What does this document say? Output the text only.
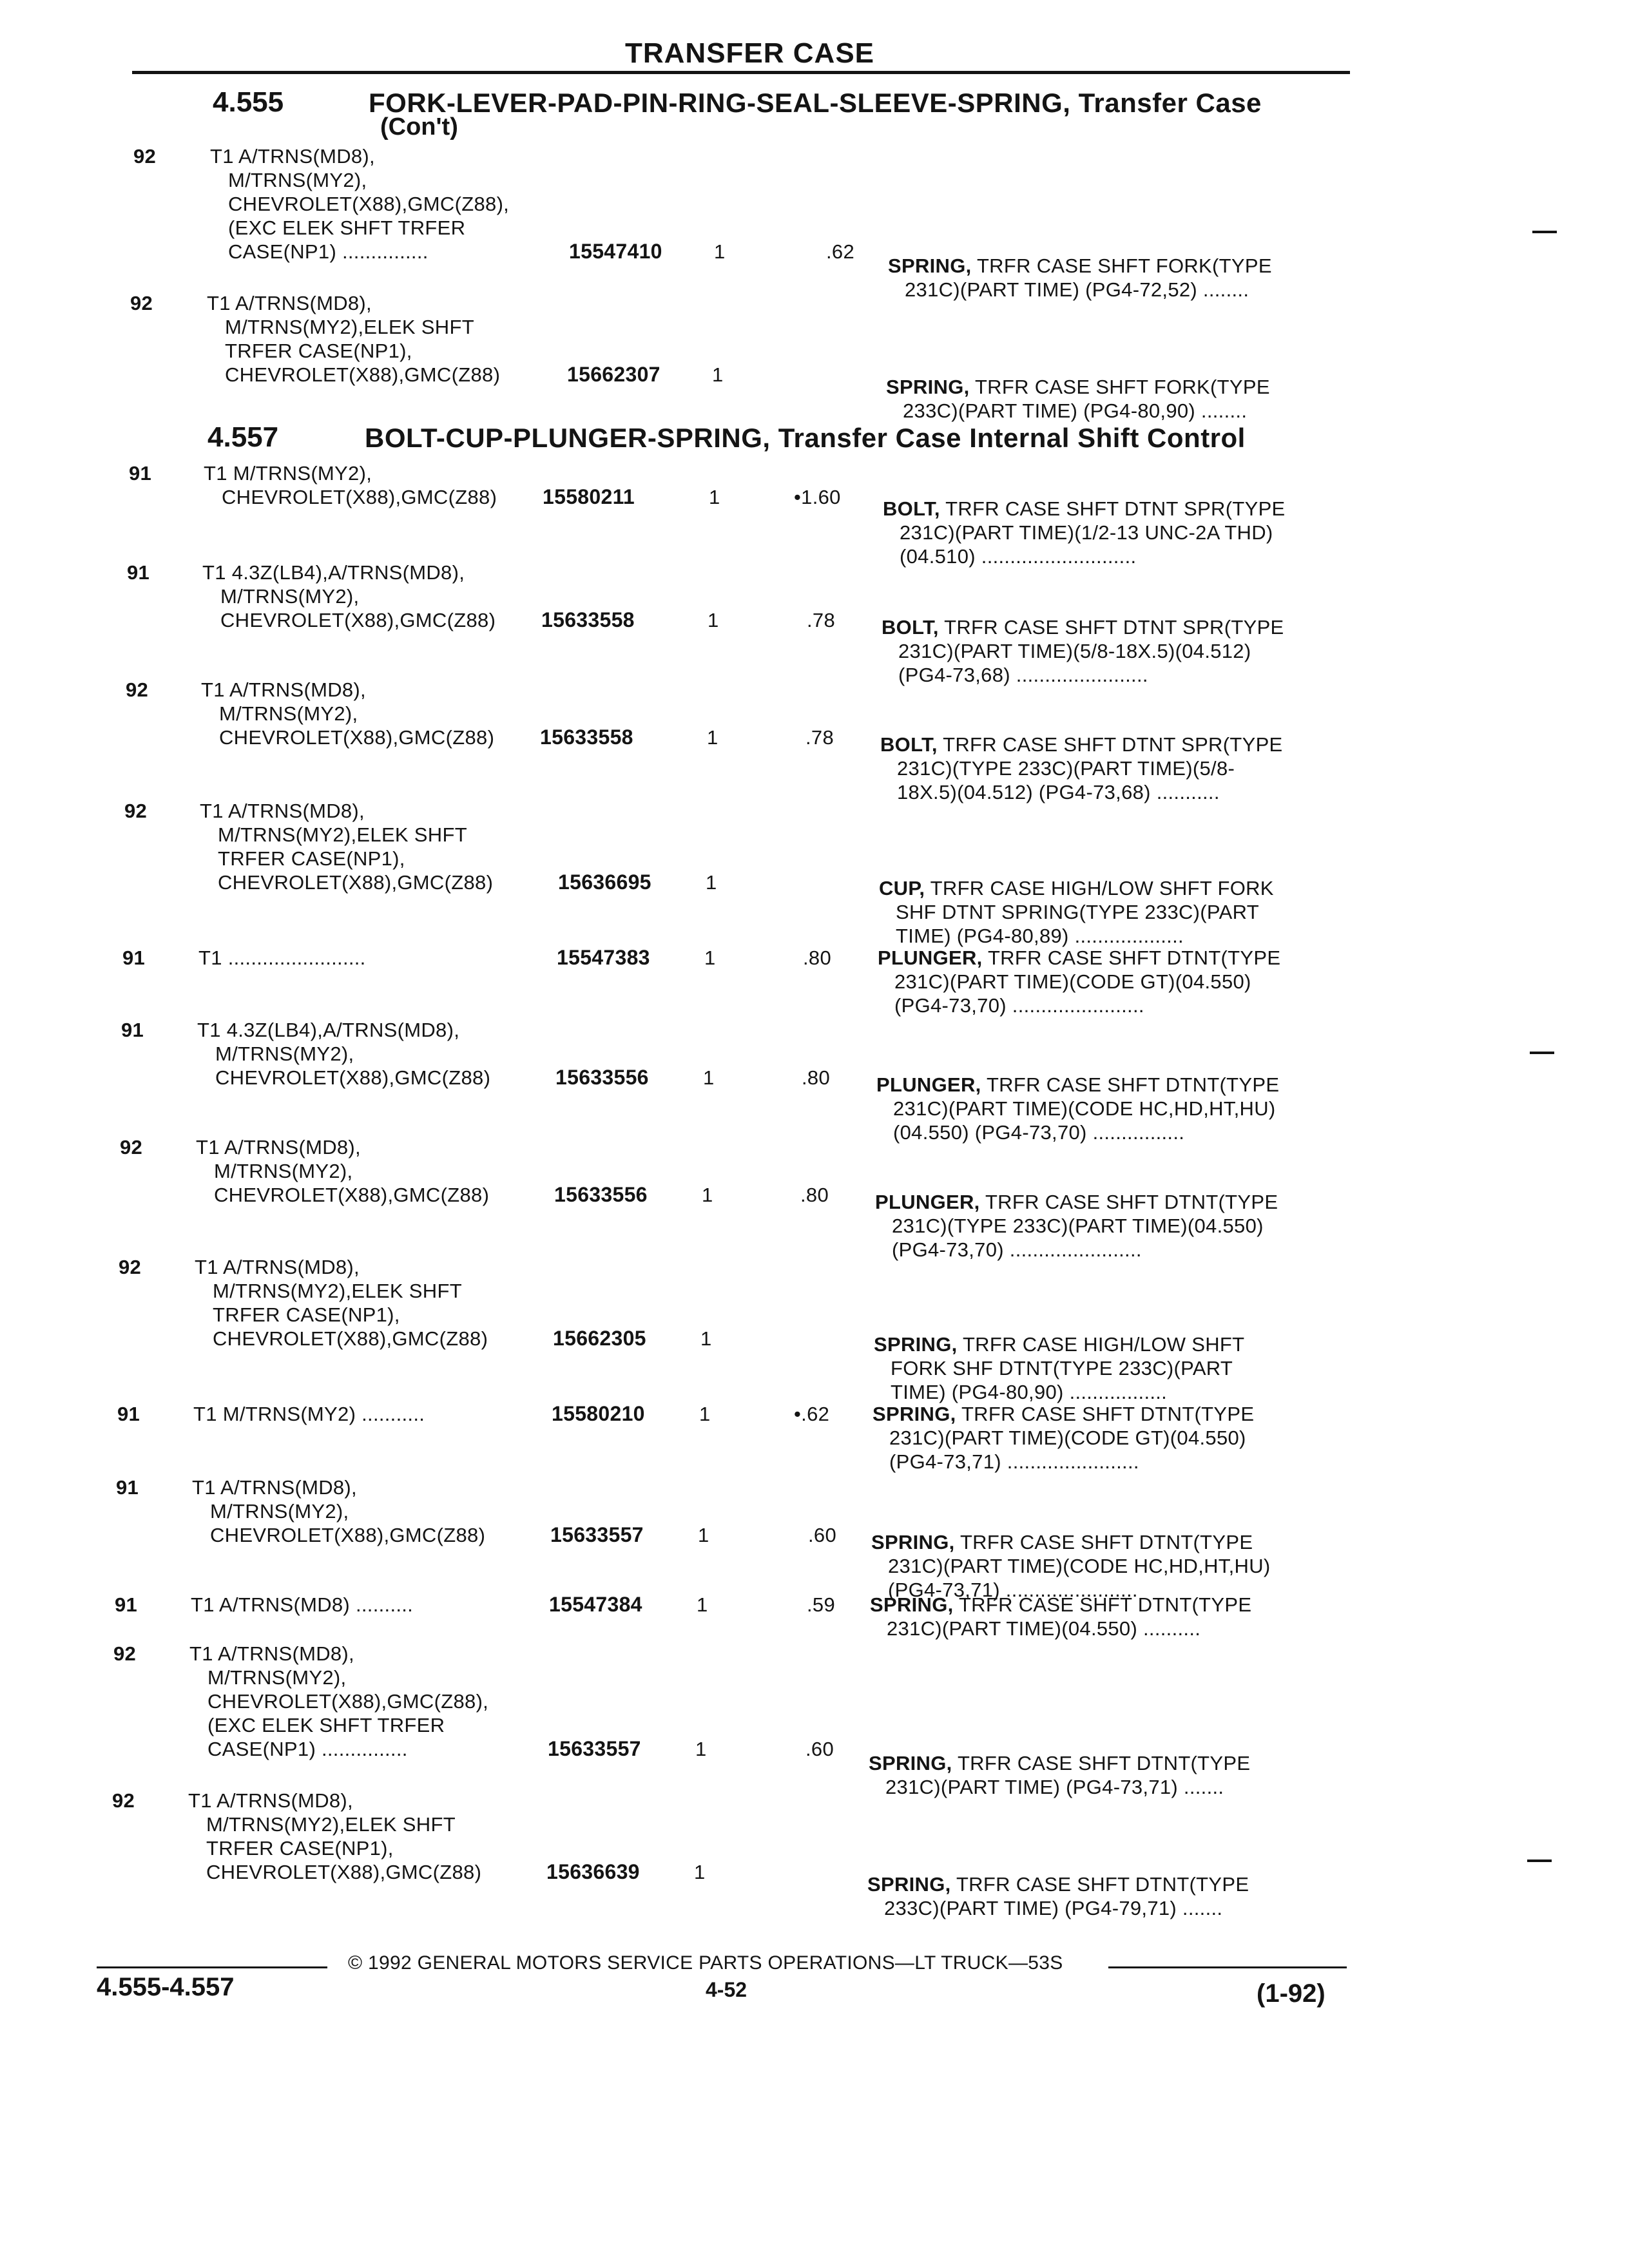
TRANSFER CASE
4.555	FORK-LEVER-PAD-PIN-RING-SEAL-SLEEVE-SPRING, Transfer Case
(Con't)
92	T1 A/TRNS(MD8),
M/TRNS(MY2),
CHEVROLET(X88),GMC(Z88),
(EXC ELEK SHFT TRFER
CASE(NP1) ...............	15547410	1	.62
SPRING, TRFR CASE SHFT FORK(TYPE
231C)(PART TIME) (PG4-72,52) ........
92	T1 A/TRNS(MD8),
M/TRNS(MY2),ELEK SHFT
TRFER CASE(NP1),
CHEVROLET(X88),GMC(Z88)	15662307	1
SPRING, TRFR CASE SHFT FORK(TYPE
233C)(PART TIME) (PG4-80,90) ........
4.557	BOLT-CUP-PLUNGER-SPRING, Transfer Case Internal Shift Control
91	T1 M/TRNS(MY2),
CHEVROLET(X88),GMC(Z88) 15580211	1	•1.60
BOLT, TRFR CASE SHFT DTNT SPR(TYPE
231C)(PART TIME)(1/2-13 UNC-2A THD)
(04.510) ...........................
91	T1 4.3Z(LB4),A/TRNS(MD8),
M/TRNS(MY2),
CHEVROLET(X88),GMC(Z88) 15633558	1	.78 BOLT, TRFR CASE SHFT DTNT SPR(TYPE
231C)(PART TIME)(5/8-18X.5)(04.512)
(PG4-73,68) .......................
92	T1 A/TRNS(MD8),
M/TRNS(MY2),
CHEVROLET(X88),GMC(Z88) 15633558	1	.78 BOLT, TRFR CASE SHFT DTNT SPR(TYPE
231C)(TYPE 233C)(PART TIME)(5/8-
18X.5)(04.512) (PG4-73,68) ...........
92	T1 A/TRNS(MD8),
M/TRNS(MY2),ELEK SHFT
TRFER CASE(NP1),
CHEVROLET(X88),GMC(Z88)	15636695	1	CUP, TRFR CASE HIGH/LOW SHFT FORK
SHF DTNT SPRING(TYPE 233C)(PART
TIME) (PG4-80,89) ...................
91	T1 ........................	15547383	1	.80 PLUNGER, TRFR CASE SHFT DTNT(TYPE
231C)(PART TIME)(CODE GT)(04.550)
(PG4-73,70) .......................
91	T1 4.3Z(LB4),A/TRNS(MD8),
M/TRNS(MY2),
CHEVROLET(X88),GMC(Z88)	15633556	1	.80 PLUNGER, TRFR CASE SHFT DTNT(TYPE
231C)(PART TIME)(CODE HC,HD,HT,HU)
(04.550) (PG4-73,70) ................
92	T1 A/TRNS(MD8),
M/TRNS(MY2),
CHEVROLET(X88),GMC(Z88)	15633556	1	.80 PLUNGER, TRFR CASE SHFT DTNT(TYPE
231C)(TYPE 233C)(PART TIME)(04.550)
(PG4-73,70) .......................
92	T1 A/TRNS(MD8),
M/TRNS(MY2),ELEK SHFT
TRFER CASE(NP1),
CHEVROLET(X88),GMC(Z88)	15662305	1	SPRING, TRFR CASE HIGH/LOW SHFT
FORK SHF DTNT(TYPE 233C)(PART
TIME) (PG4-80,90) .................
91	T1 M/TRNS(MY2) ...........	15580210	1	•.62 SPRING, TRFR CASE SHFT DTNT(TYPE
231C)(PART TIME)(CODE GT)(04.550)
(PG4-73,71) .......................
91	T1 A/TRNS(MD8),
M/TRNS(MY2),
CHEVROLET(X88),GMC(Z88)	15633557	1	.60 SPRING, TRFR CASE SHFT DTNT(TYPE
231C)(PART TIME)(CODE HC,HD,HT,HU)
(PG4-73,71) .......................
91	T1 A/TRNS(MD8) ..........	15547384	1	.59 SPRING, TRFR CASE SHFT DTNT(TYPE
231C)(PART TIME)(04.550) ..........
92	T1 A/TRNS(MD8),
M/TRNS(MY2),
CHEVROLET(X88),GMC(Z88),
(EXC ELEK SHFT TRFER
CASE(NP1) ...............	15633557	1	.60
SPRING, TRFR CASE SHFT DTNT(TYPE
231C)(PART TIME) (PG4-73,71) .......
92	T1 A/TRNS(MD8),
M/TRNS(MY2),ELEK SHFT
TRFER CASE(NP1),
CHEVROLET(X88),GMC(Z88)	15636639	1
SPRING, TRFR CASE SHFT DTNT(TYPE
233C)(PART TIME) (PG4-79,71) .......
© 1992 GENERAL MOTORS SERVICE PARTS OPERATIONS—LT TRUCK—53S
4.555-4.557	4-52	(1-92)
